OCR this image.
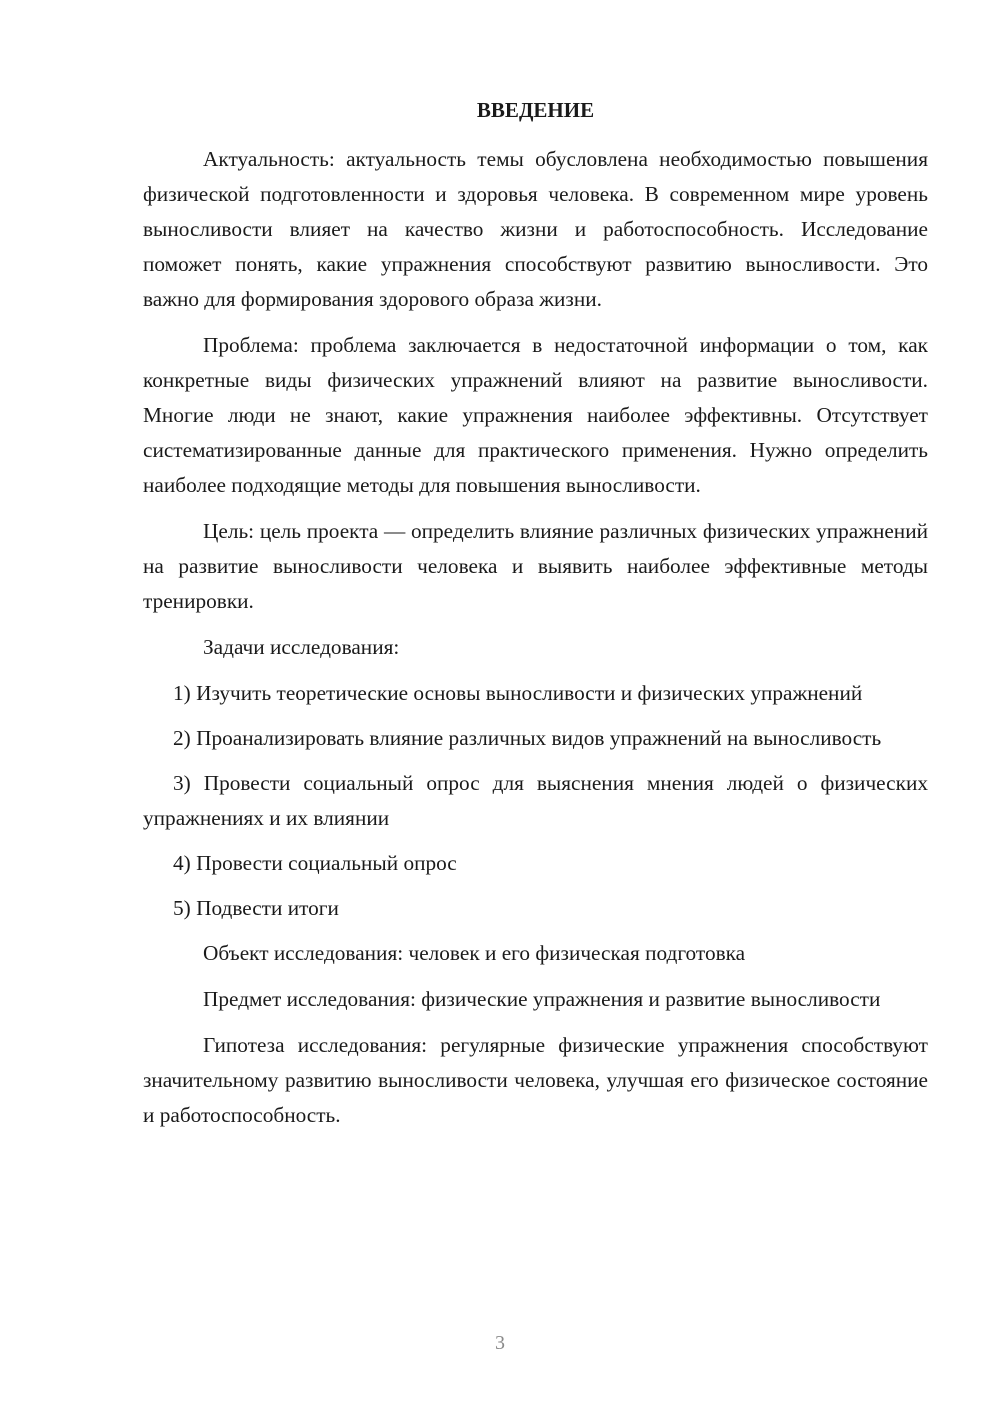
ВВЕДЕНИЕ

Актуальность: актуальность темы обусловлена необходимостью повышения физической подготовленности и здоровья человека. В современном мире уровень выносливости влияет на качество жизни и работоспособность. Исследование поможет понять, какие упражнения способствуют развитию выносливости. Это важно для формирования здорового образа жизни.

Проблема: проблема заключается в недостаточной информации о том, как конкретные виды физических упражнений влияют на развитие выносливости. Многие люди не знают, какие упражнения наиболее эффективны. Отсутствует систематизированные данные для практического применения. Нужно определить наиболее подходящие методы для повышения выносливости.

Цель: цель проекта — определить влияние различных физических упражнений на развитие выносливости человека и выявить наиболее эффективные методы тренировки.

Задачи исследования:

1) Изучить теоретические основы выносливости и физических упражнений

2) Проанализировать влияние различных видов упражнений на выносливость

3) Провести социальный опрос для выяснения мнения людей о физических упражнениях и их влиянии

4) Провести социальный опрос

5) Подвести итоги

Объект исследования: человек и его физическая подготовка

Предмет исследования: физические упражнения и развитие выносливости

Гипотеза исследования: регулярные физические упражнения способствуют значительному развитию выносливости человека, улучшая его физическое состояние и работоспособность.

3
